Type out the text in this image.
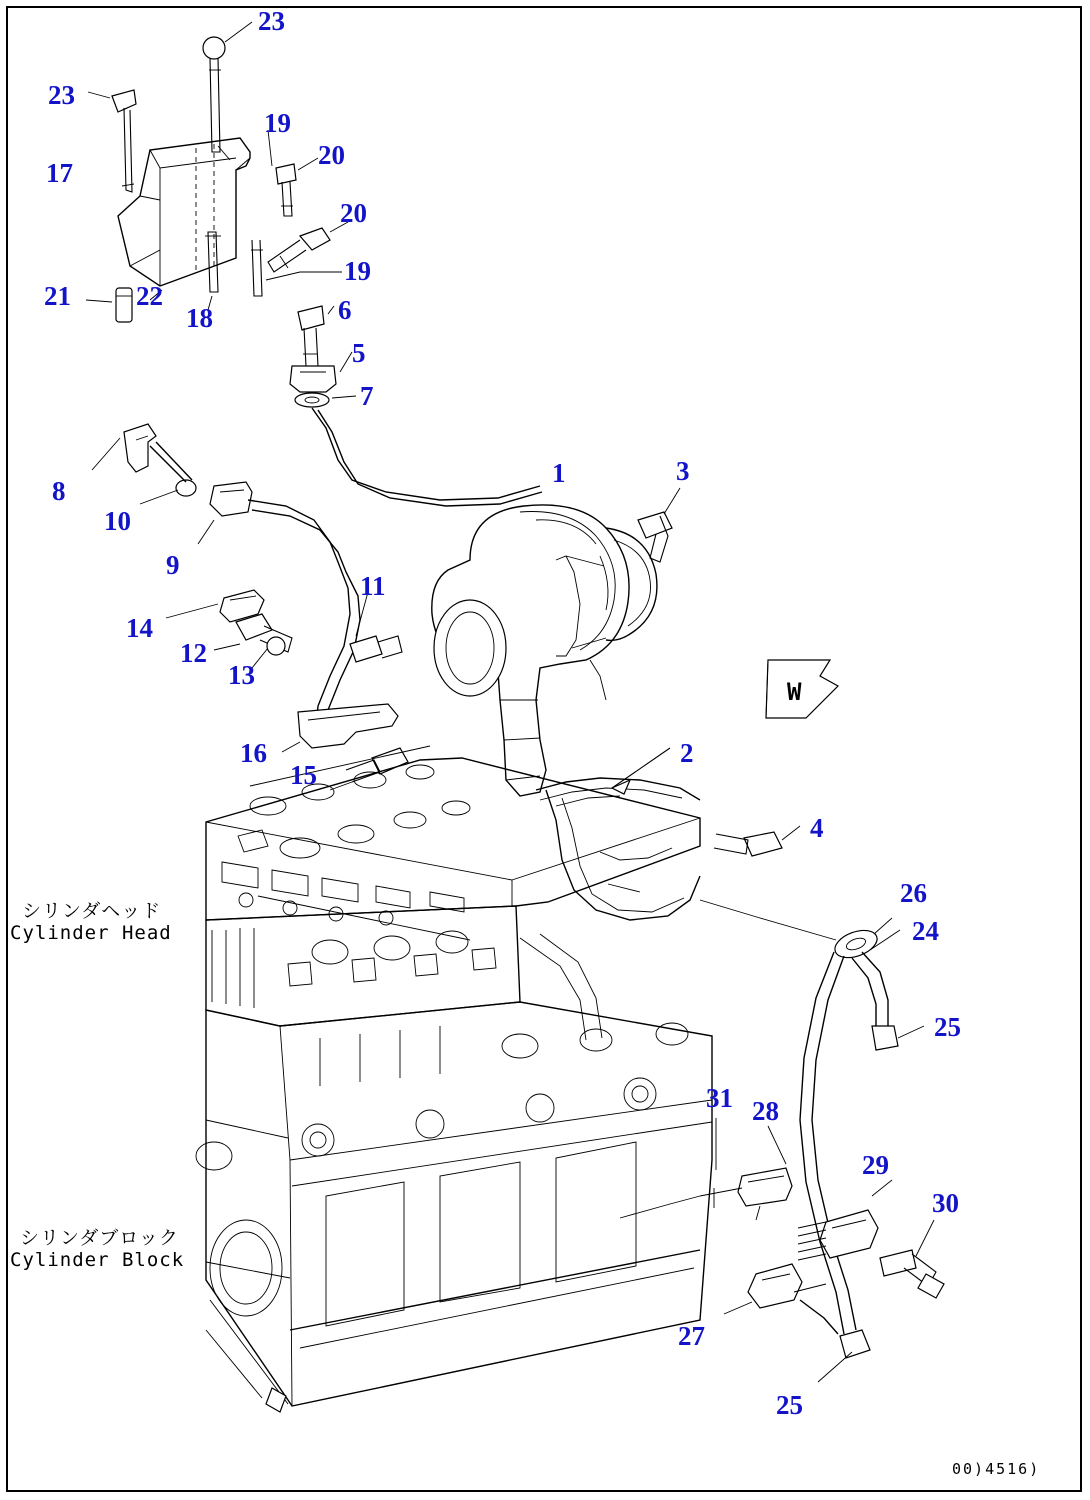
23
23
19
20
17
20
19
21 22
18	6
5
7
1	3
8
10
9
11
14
12
13
2
16
15
4
26
24
25
31 28
29
30
27
25
シリンダヘッド
Cylinder Head
シリンダブロック
Cylinder Block
W
00)4516)
